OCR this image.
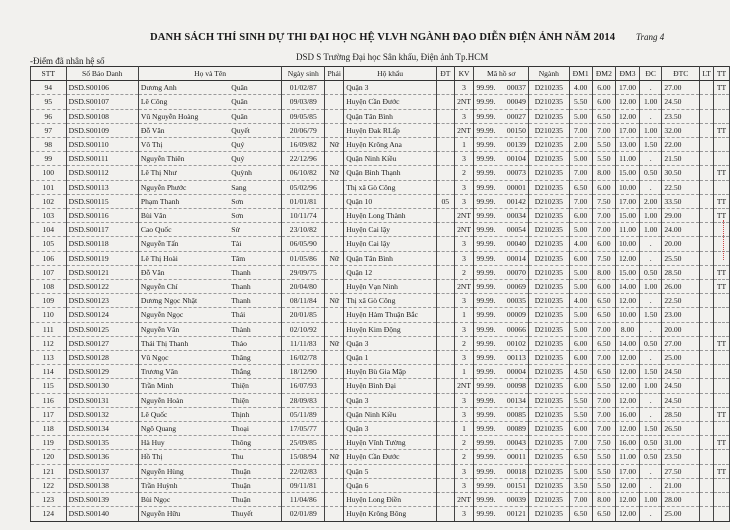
DANH SÁCH THÍ SINH DỰ THI ĐẠI HỌC HỆ VLVH NGÀNH ĐẠO DIỄN ĐIỆN ẢNH NĂM 2014 Trang 4
DSD S Trường Đại học Sân khấu, Điện ảnh Tp.HCM
-Điểm đã nhân hệ số
STT	Số Báo Danh	Họ và Tên	Ngày sinh	Phái	Hộ khẩu	ĐT	KV	Mã hồ sơ	Ngành	ĐM1	ĐM2	ĐM3	ĐC	ĐTC	LT	TT
94	DSD.S00106	Dương Anh Quân	01/02/87		Quận 3		3	99.99. 00037	D210235	4.00	6.00	17.00	.	27.00		TT
95	DSD.S00107	Lê Công Quân	09/03/89		Huyện Cần Đước		2NT	99.99. 00049	D210235	5.50	6.00	12.00	1.00	24.50		
96	DSD.S00108	Vũ Nguyễn Hoàng Quân	09/05/85		Quận Tân Bình		3	99.99. 00027	D210235	5.00	6.50	12.00	.	23.50		
97	DSD.S00109	Đỗ Văn Quyết	20/06/79		Huyện Đak RLấp		2NT	99.99. 00150	D210235	7.00	7.00	17.00	1.00	32.00		TT
98	DSD.S00110	Võ Thị Quý	16/09/82	Nữ	Huyện Krông Ana		1	99.99. 00139	D210235	2.00	5.50	13.00	1.50	22.00		
99	DSD.S00111	Nguyễn Thiên Quý	22/12/96		Quận Ninh Kiều		3	99.99. 00104	D210235	5.00	5.50	11.00	.	21.50		
100	DSD.S00112	Lê Thị Như Quỳnh	06/10/82	Nữ	Quận Bình Thạnh		2	99.99. 00073	D210235	7.00	8.00	15.00	0.50	30.50		TT
101	DSD.S00113	Nguyễn Phước Sang	05/02/96		Thị xã Gò Công		3	99.99. 00001	D210235	6.50	6.00	10.00	.	22.50		
102	DSD.S00115	Phạm Thanh Sơn	01/01/81		Quận 10	05	3	99.99. 00142	D210235	7.00	7.50	17.00	2.00	33.50		TT
103	DSD.S00116	Bùi Văn Sơn	10/11/74		Huyện Long Thành		2NT	99.99. 00034	D210235	6.00	7.00	15.00	1.00	29.00		TT
104	DSD.S00117	Cao Quốc Sử	23/10/82		Huyện Cai lậy		2NT	99.99. 00054	D210235	5.00	7.00	11.00	1.00	24.00		
105	DSD.S00118	Nguyễn Tấn Tài	06/05/90		Huyện Cai lậy		3	99.99. 00040	D210235	4.00	6.00	10.00	.	20.00		
106	DSD.S00119	Lê Thị Hoài Tâm	01/05/86	Nữ	Quận Tân Bình		3	99.99. 00014	D210235	6.00	7.50	12.00	.	25.50		
107	DSD.S00121	Đỗ Văn Thanh	29/09/75		Quận 12		2	99.99. 00070	D210235	5.00	8.00	15.00	0.50	28.50		TT
108	DSD.S00122	Nguyễn Chí Thanh	20/04/80		Huyện Vạn Ninh		2NT	99.99. 00069	D210235	5.00	6.00	14.00	1.00	26.00		TT
109	DSD.S00123	Dương Ngọc Nhật Thanh	08/11/84	Nữ	Thị xã Gò Công		3	99.99. 00035	D210235	4.00	6.50	12.00	.	22.50		
110	DSD.S00124	Nguyễn Ngọc Thái	20/01/85		Huyện Hàm Thuận Bắc		1	99.99. 00009	D210235	5.00	6.50	10.00	1.50	23.00		
111	DSD.S00125	Nguyễn Văn Thành	02/10/92		Huyện Kim Động		3	99.99. 00066	D210235	5.00	7.00	8.00	.	20.00		
112	DSD.S00127	Thái Thị Thanh Thảo	11/11/83	Nữ	Quận 3		2	99.99. 00102	D210235	6.00	6.50	14.00	0.50	27.00		TT
113	DSD.S00128	Vũ Ngọc Thăng	16/02/78		Quận 1		3	99.99. 00113	D210235	6.00	7.00	12.00	.	25.00		
114	DSD.S00129	Trương Văn Thắng	18/12/90		Huyện Bù Gia Mập		1	99.99. 00004	D210235	4.50	6.50	12.00	1.50	24.50		
115	DSD.S00130	Trần Minh Thiện	16/07/93		Huyện Bình Đại		2NT	99.99. 00098	D210235	6.00	5.50	12.00	1.00	24.50		
116	DSD.S00131	Nguyễn Hoàn Thiện	28/09/83		Quận 3		3	99.99. 00134	D210235	5.50	7.00	12.00	.	24.50		
117	DSD.S00132	Lê Quốc Thịnh	05/11/89		Quận Ninh Kiều		3	99.99. 00085	D210235	5.50	7.00	16.00	.	28.50		TT
118	DSD.S00134	Ngô Quang Thoại	17/05/77		Quận 3		1	99.99. 00089	D210235	6.00	7.00	12.00	1.50	26.50		
119	DSD.S00135	Hà Huy Thông	25/09/85		Huyện Vĩnh Tường		2	99.99. 00043	D210235	7.00	7.50	16.00	0.50	31.00		TT
120	DSD.S00136	Hồ Thị Thu	15/08/94	Nữ	Huyện Cần Đước		2	99.99. 00011	D210235	6.50	5.50	11.00	0.50	23.50		
121	DSD.S00137	Nguyễn Hùng Thuận	22/02/83		Quận 5		3	99.99. 00018	D210235	5.00	5.50	17.00	.	27.50		TT
122	DSD.S00138	Trần Huỳnh Thuận	09/11/81		Quận 6		3	99.99. 00151	D210235	3.50	5.50	12.00	.	21.00		
123	DSD.S00139	Bùi Ngọc Thuận	11/04/86		Huyện Long Điền		2NT	99.99. 00039	D210235	7.00	8.00	12.00	1.00	28.00		
124	DSD.S00140	Nguyễn Hữu Thuyết	02/01/89		Huyện Krông Bông		3	99.99. 00121	D210235	6.50	6.50	12.00	.	25.00		
